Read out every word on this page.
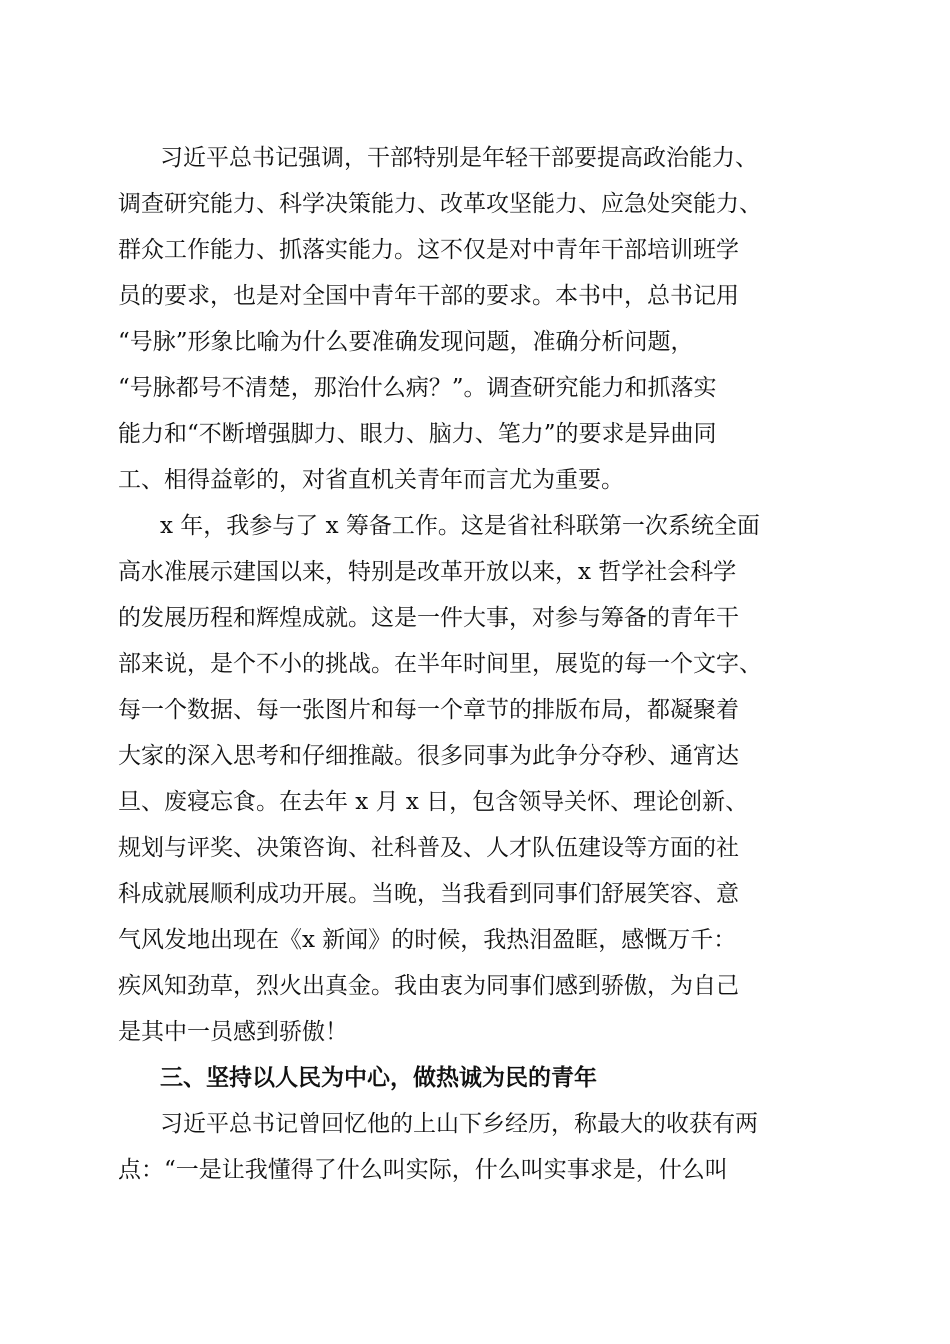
习近平总书记强调，干部特别是年轻干部要提高政治能力、
调查研究能力、科学决策能力、改革攻坚能力、应急处突能力、
群众工作能力、抓落实能力。这不仅是对中青年干部培训班学
员的要求，也是对全国中青年干部的要求。本书中，总书记用
“号脉”形象比喻为什么要准确发现问题，准确分析问题，
“号脉都号不清楚，那治什么病？”。调查研究能力和抓落实
能力和“不断增强脚力、眼力、脑力、笔力”的要求是异曲同
工、相得益彰的，对省直机关青年而言尤为重要。
x 年，我参与了 x 筹备工作。这是省社科联第一次系统全面
高水准展示建国以来，特别是改革开放以来，x 哲学社会科学
的发展历程和辉煌成就。这是一件大事，对参与筹备的青年干
部来说，是个不小的挑战。在半年时间里，展览的每一个文字、
每一个数据、每一张图片和每一个章节的排版布局，都凝聚着
大家的深入思考和仔细推敲。很多同事为此争分夺秒、通宵达
旦、废寝忘食。在去年 x 月 x 日，包含领导关怀、理论创新、
规划与评奖、决策咨询、社科普及、人才队伍建设等方面的社
科成就展顺利成功开展。当晚，当我看到同事们舒展笑容、意
气风发地出现在《x 新闻》的时候，我热泪盈眶，感慨万千：
疾风知劲草，烈火出真金。我由衷为同事们感到骄傲，为自己
是其中一员感到骄傲！
三、坚持以人民为中心，做热诚为民的青年
习近平总书记曾回忆他的上山下乡经历，称最大的收获有两
点：“一是让我懂得了什么叫实际，什么叫实事求是，什么叫
